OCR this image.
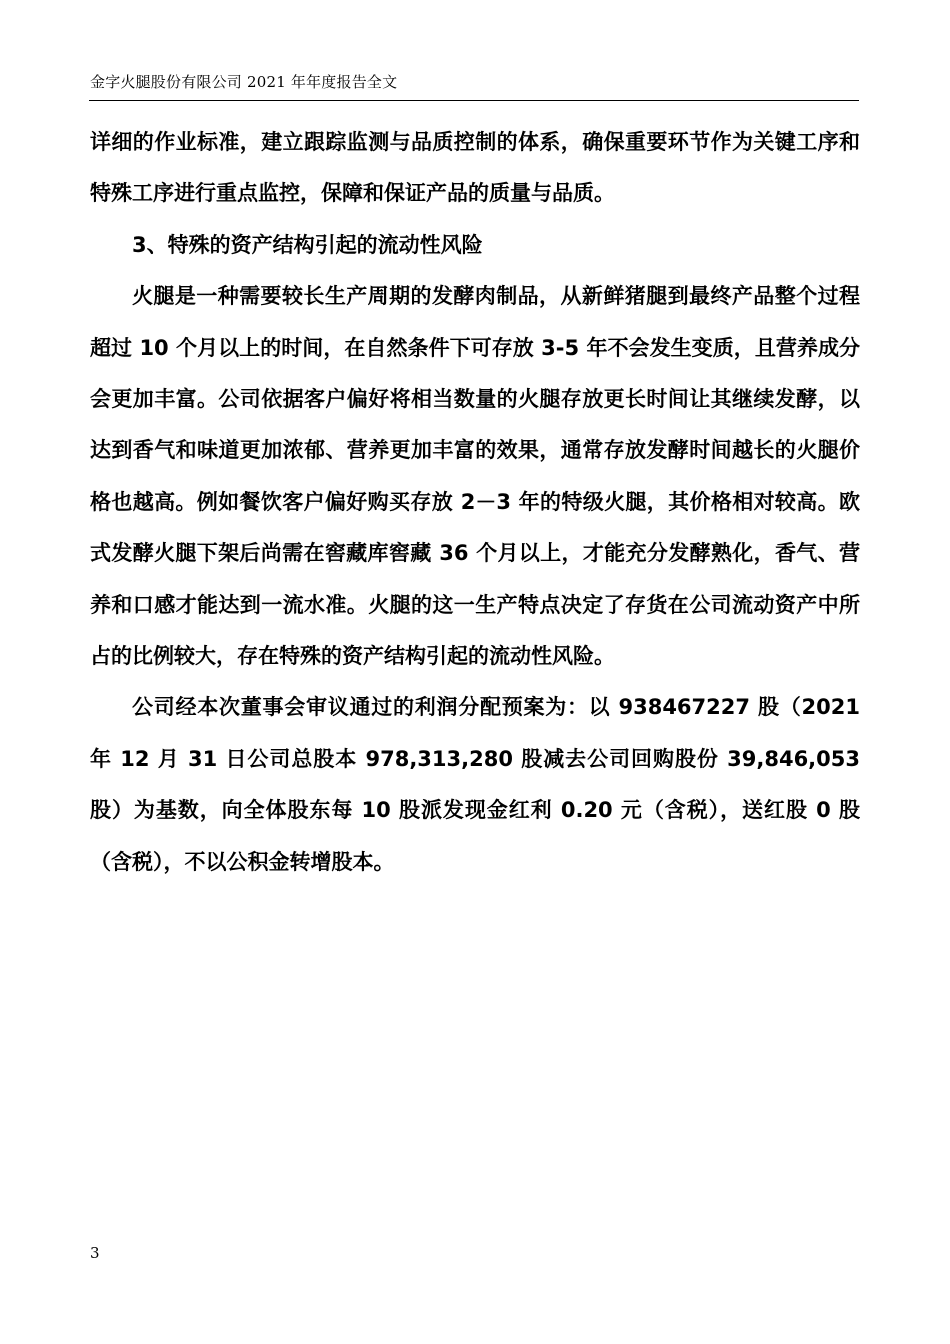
金字火腿股份有限公司 2021 年年度报告全文

详细的作业标准，建立跟踪监测与品质控制的体系，确保重要环节作为关键工序和特殊工序进行重点监控，保障和保证产品的质量与品质。

3、特殊的资产结构引起的流动性风险

火腿是一种需要较长生产周期的发酵肉制品，从新鲜猪腿到最终产品整个过程超过 10 个月以上的时间，在自然条件下可存放 3-5 年不会发生变质，且营养成分会更加丰富。公司依据客户偏好将相当数量的火腿存放更长时间让其继续发酵，以达到香气和味道更加浓郁、营养更加丰富的效果，通常存放发酵时间越长的火腿价格也越高。例如餐饮客户偏好购买存放 2－3 年的特级火腿，其价格相对较高。欧式发酵火腿下架后尚需在窖藏库窖藏 36 个月以上，才能充分发酵熟化，香气、营养和口感才能达到一流水准。火腿的这一生产特点决定了存货在公司流动资产中所占的比例较大，存在特殊的资产结构引起的流动性风险。

公司经本次董事会审议通过的利润分配预案为：以 938467227 股（2021 年 12 月 31 日公司总股本 978,313,280 股减去公司回购股份 39,846,053 股）为基数，向全体股东每 10 股派发现金红利 0.20 元（含税），送红股 0 股（含税），不以公积金转增股本。

3
